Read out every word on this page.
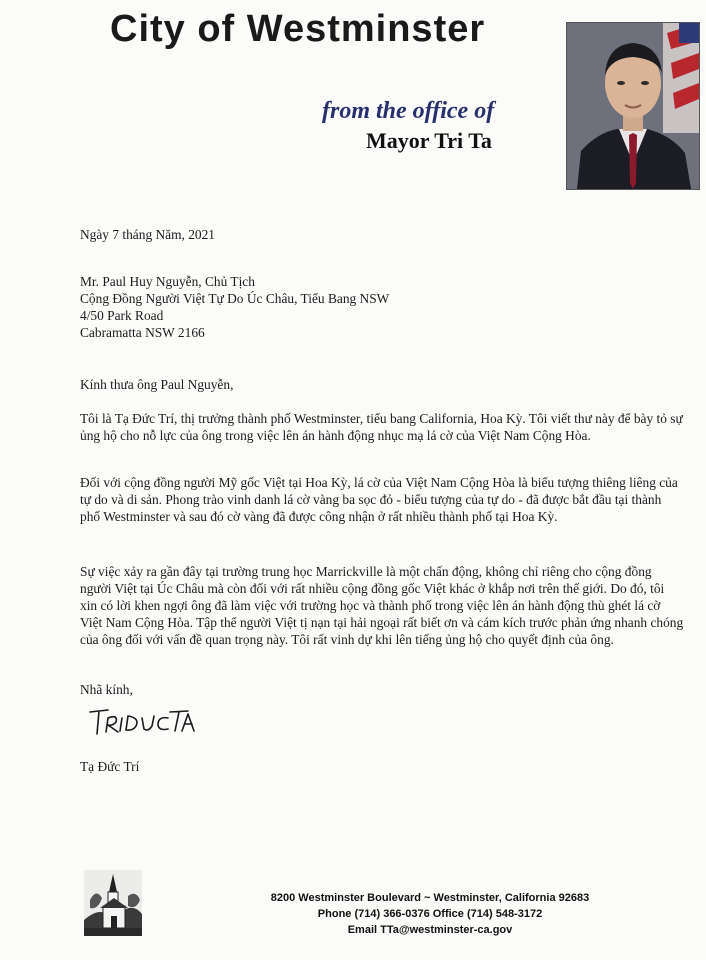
City of Westminster
from the office of
Mayor Tri Ta
Ngày 7 tháng Năm, 2021
Mr. Paul Huy Nguyễn, Chủ Tịch
Cộng Đồng Người Việt Tự Do Úc Châu, Tiểu Bang NSW
4/50 Park Road
Cabramatta NSW 2166
Kính thưa ông Paul Nguyễn,

Tôi là Tạ Đức Trí, thị trưởng thành phố Westminster, tiểu bang California, Hoa Kỳ. Tôi viết thư này để bày tỏ sự ủng hộ cho nỗ lực của ông trong việc lên án hành động nhục mạ lá cờ của Việt Nam Cộng Hòa.

Đối với cộng đồng người Mỹ gốc Việt tại Hoa Kỳ, lá cờ của Việt Nam Cộng Hòa là biểu tượng thiêng liêng của tự do và di sản. Phong trào vinh danh lá cờ vàng ba sọc đỏ - biểu tượng của tự do - đã được bắt đầu tại thành phố Westminster và sau đó cờ vàng đã được công nhận ở rất nhiều thành phố tại Hoa Kỳ.

Sự việc xảy ra gần đây tại trường trung học Marrickville là một chấn động, không chỉ riêng cho cộng đồng người Việt tại Úc Châu mà còn đối với rất nhiều cộng đồng gốc Việt khác ở khắp nơi trên thế giới. Do đó, tôi xin có lời khen ngợi ông đã làm việc với trường học và thành phố trong việc lên án hành động thù ghét lá cờ Việt Nam Cộng Hòa. Tập thể người Việt tị nạn tại hải ngoại rất biết ơn và cám kích trước phản ứng nhanh chóng của ông đối với vấn đề quan trọng này. Tôi rất vinh dự khi lên tiếng ủng hộ cho quyết định của ông.

Nhã kính,
Tạ Đức Trí
8200 Westminster Boulevard ~ Westminster, California 92683
Phone (714) 366-0376 Office (714) 548-3172
Email TTa@westminster-ca.gov
